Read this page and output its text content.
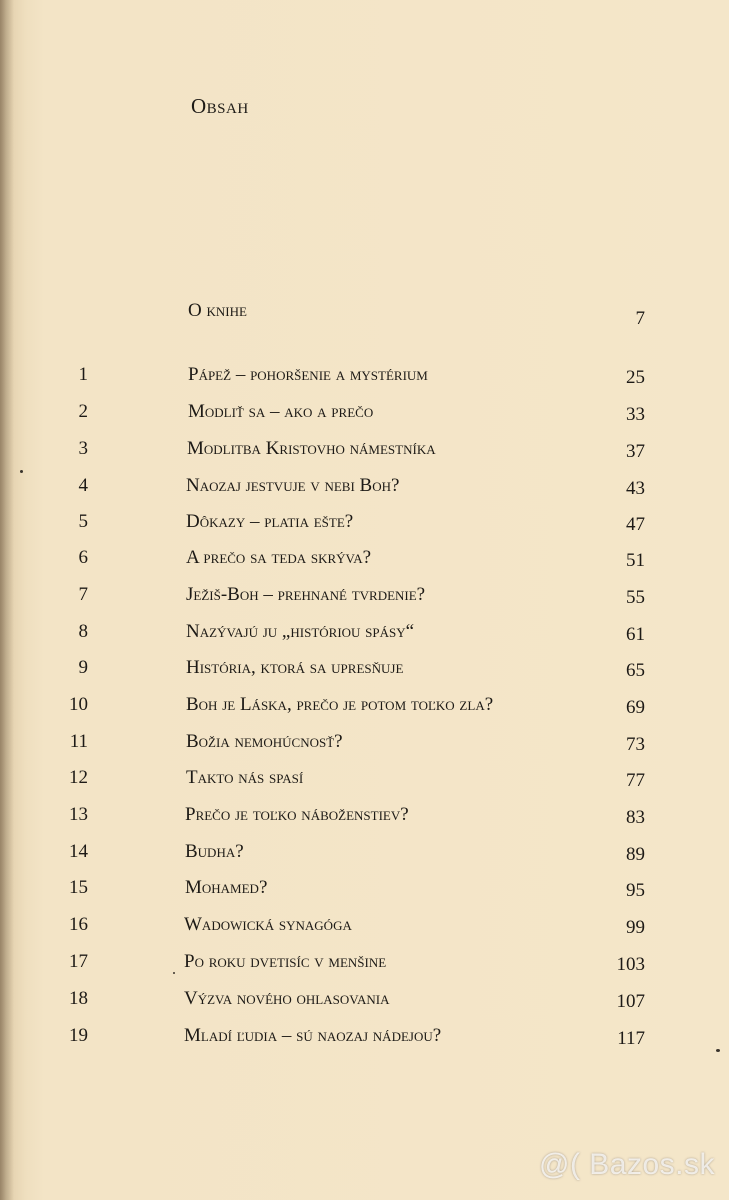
Obsah
O knihe	7
1	Pápež – pohoršenie a mystérium	25
2	Modliť sa – ako a prečo	33
3	Modlitba Kristovho námestníka	37
4	Naozaj jestvuje v nebi Boh?	43
5	Dôkazy – platia ešte?	47
6	A prečo sa teda skrýva?	51
7	Ježiš-Boh – prehnané tvrdenie?	55
8	Nazývajú ju „históriou spásy“	61
9	História, ktorá sa upresňuje	65
10	Boh je Láska, prečo je potom toľko zla?	69
11	Božia nemohúcnosť?	73
12	Takto nás spasí	77
13	Prečo je toľko náboženstiev?	83
14	Budha?	89
15	Mohamed?	95
16	Wadowická synagóga	99
17	Po roku dvetisíc v menšine	103
18	Výzva nového ohlasovania	107
19	Mladí ľudia – sú naozaj nádejou?	117
@( Bazos.sk
